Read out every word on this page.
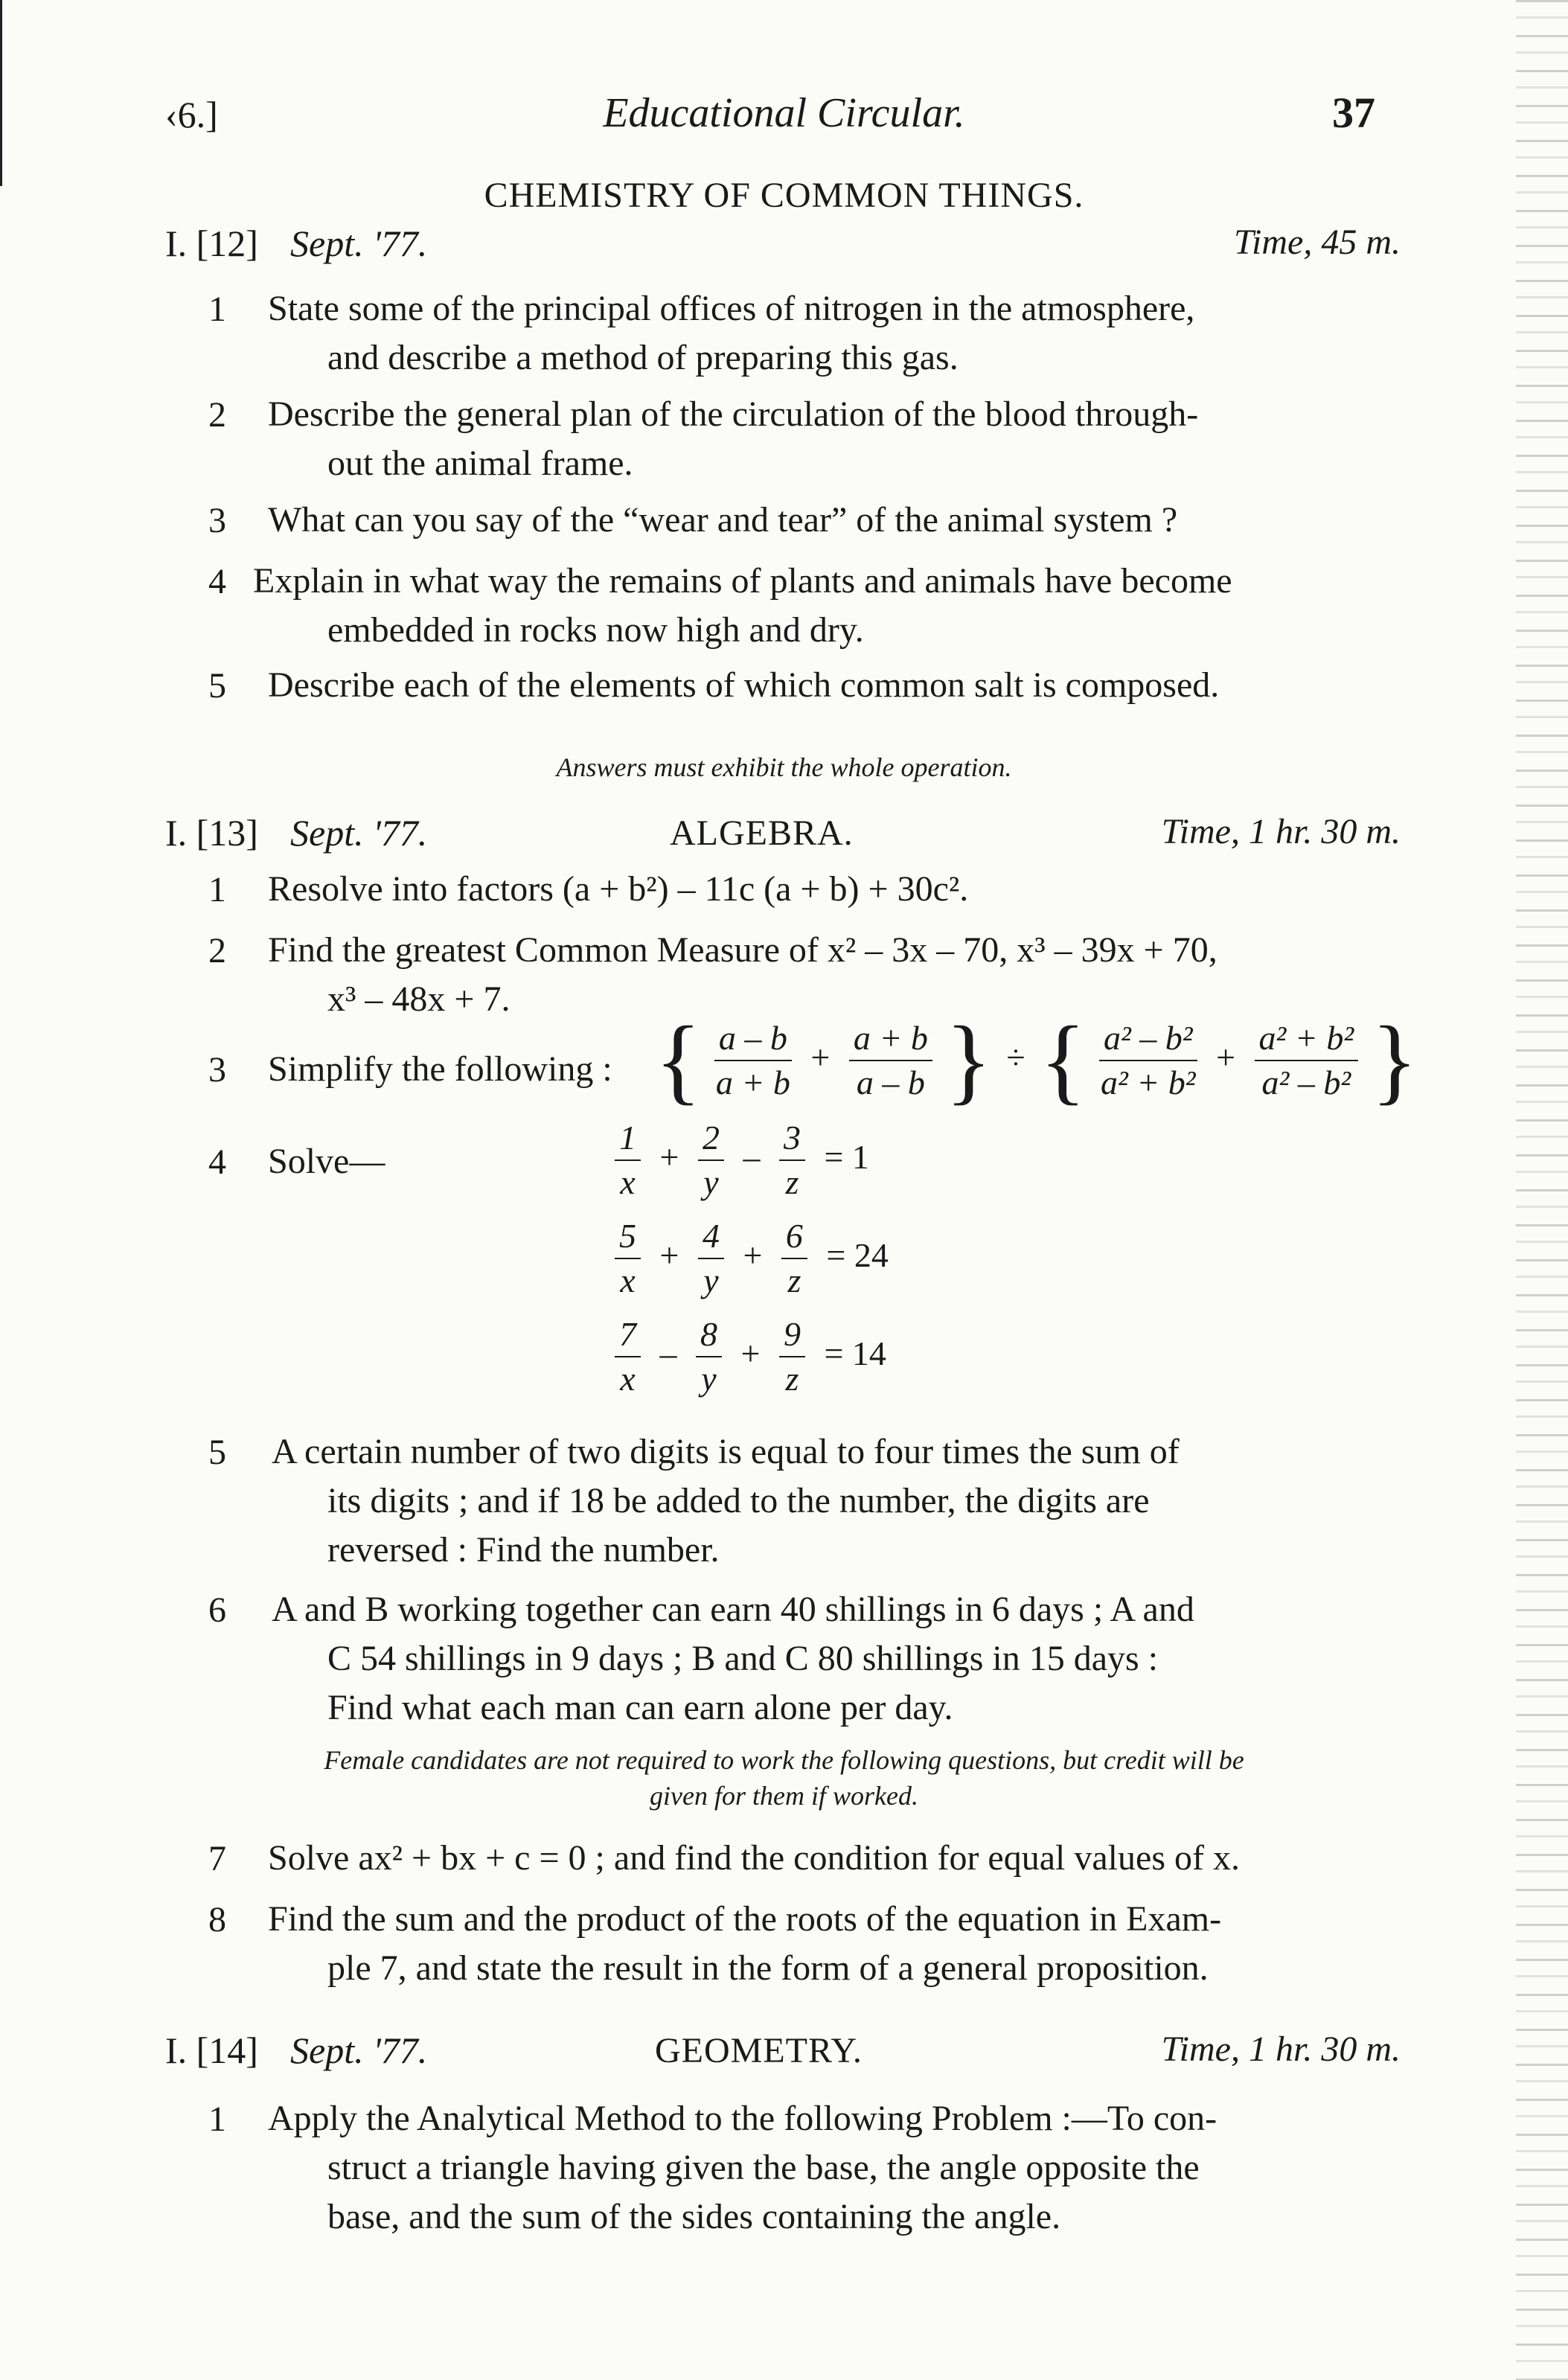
‹6.]	Educational Circular.	37
CHEMISTRY OF COMMON THINGS.
I. [12] Sept. '77.	Time, 45 m.
1 State some of the principal offices of nitrogen in the atmosphere,
and describe a method of preparing this gas.
2 Describe the general plan of the circulation of the blood through-
out the animal frame.
3 What can you say of the “wear and tear” of the animal system ?
4 Explain in what way the remains of plants and animals have become
embedded in rocks now high and dry.
5 Describe each of the elements of which common salt is composed.
Answers must exhibit the whole operation.
I. [13] Sept. '77.	ALGEBRA.	Time, 1 hr. 30 m.
1 Resolve into factors (a + b²) – 11c (a + b) + 30c².
2 Find the greatest Common Measure of x² – 3x – 70, x³ – 39x + 70,
x³ – 48x + 7.
3 Simplify the following : { $\frac{a - b}{a + b} + \frac{a + b}{a - b}$ } ÷ { $\frac{\text{a² – b²}}{\text{a² + b²}} + \frac{\text{a² + b²}}{\text{a² – b²}}$ }
4 Solve—	$\frac{1}{x} + \frac{2}{y} - \frac{3}{z} = 1$
$\frac{5}{x} + \frac{4}{y} + \frac{6}{z} = 24$
$\frac{7}{x} - \frac{8}{y} + \frac{9}{z} = 14$
5 A certain number of two digits is equal to four times the sum of
its digits ; and if 18 be added to the number, the digits are
reversed : Find the number.
6 A and B working together can earn 40 shillings in 6 days ; A and
C 54 shillings in 9 days ; B and C 80 shillings in 15 days :
Find what each man can earn alone per day.
Female candidates are not required to work the following questions, but credit will be
given for them if worked.
7 Solve ax² + bx + c = 0 ; and find the condition for equal values of x.
8 Find the sum and the product of the roots of the equation in Exam-
ple 7, and state the result in the form of a general proposition.
I. [14] Sept. '77.	GEOMETRY.	Time, 1 hr. 30 m.
1 Apply the Analytical Method to the following Problem :—To con-
struct a triangle having given the base, the angle opposite the
base, and the sum of the sides containing the angle.
